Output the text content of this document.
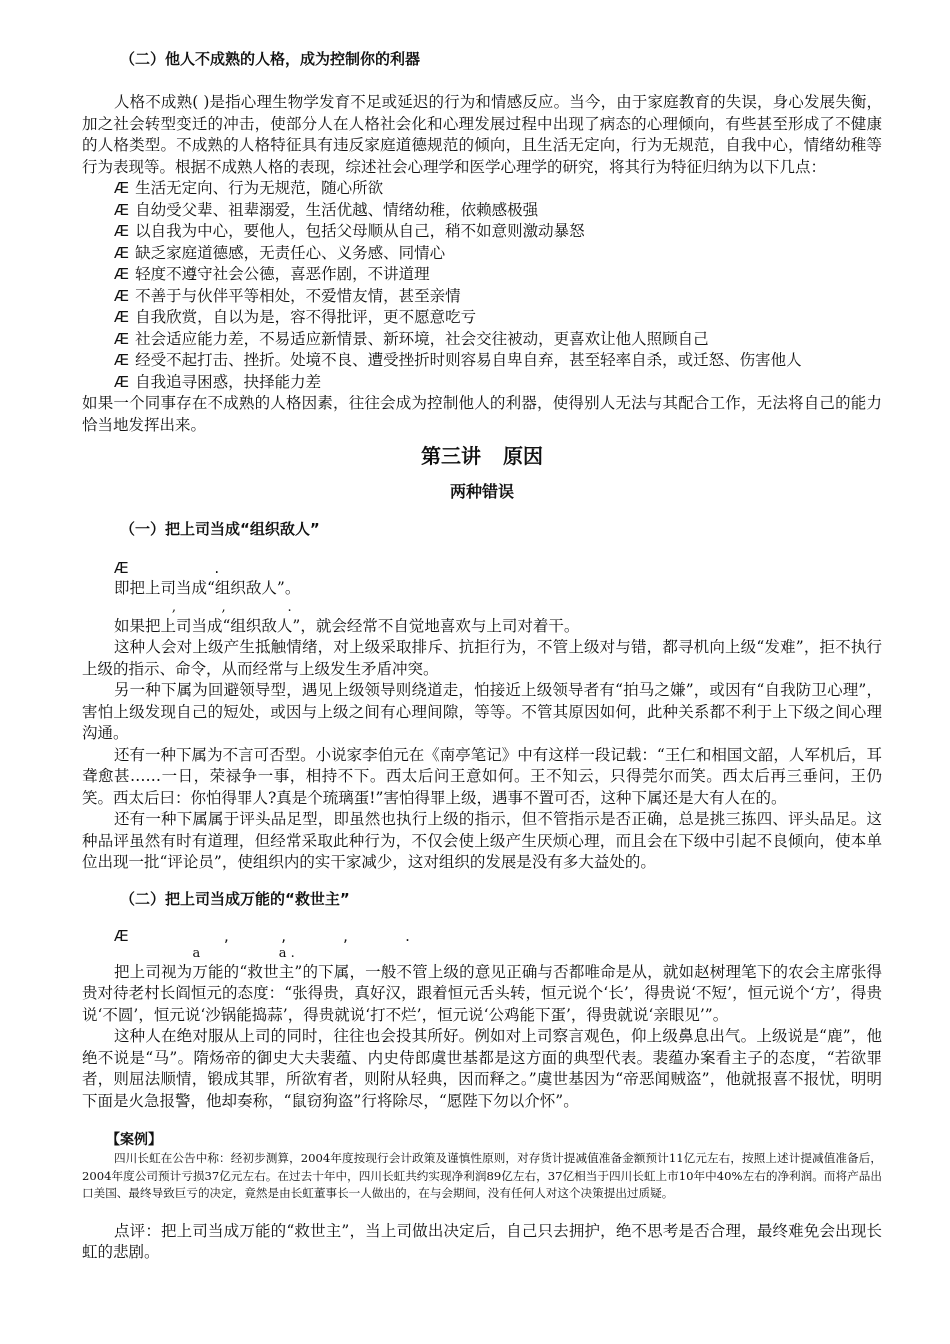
（二）他人不成熟的人格，成为控制你的利器

人格不成熟( )是指心理生物学发育不足或延迟的行为和情感反应。当今，由于家庭教育的失误，身心发展失衡，加之社会转型变迁的冲击，使部分人在人格社会化和心理发展过程中出现了病态的心理倾向，有些甚至形成了不健康的人格类型。不成熟的人格特征具有违反家庭道德规范的倾向，且生活无定向，行为无规范，自我中心，情绪幼稚等行为表现等。根据不成熟人格的表现，综述社会心理学和医学心理学的研究，将其行为特征归纳为以下几点：

Æ 生活无定向、行为无规范，随心所欲
Æ 自幼受父辈、祖辈溺爱，生活优越、情绪幼稚，依赖感极强
Æ 以自我为中心，要他人，包括父母顺从自己，稍不如意则激动暴怒
Æ 缺乏家庭道德感，无责任心、义务感、同情心
Æ 轻度不遵守社会公德，喜恶作剧，不讲道理
Æ 不善于与伙伴平等相处，不爱惜友情，甚至亲情
Æ 自我欣赏，自以为是，容不得批评，更不愿意吃亏
Æ 社会适应能力差，不易适应新情景、新环境，社会交往被动，更喜欢让他人照顾自己
Æ 经受不起打击、挫折。处境不良、遭受挫折时则容易自卑自弃，甚至轻率自杀，或迁怒、伤害他人
Æ 自我追寻困惑，抉择能力差

如果一个同事存在不成熟的人格因素，往往会成为控制他人的利器，使得别人无法与其配合工作，无法将自己的能力恰当地发挥出来。

第三讲 原因
两种错误
（一）把上司当成“组织敌人”
Æ                  .

即把上司当成“组织敌人”。

,           ,               .

如果把上司当成“组织敌人”，就会经常不自觉地喜欢与上司对着干。

这种人会对上级产生抵触情绪，对上级采取排斥、抗拒行为，不管上级对与错，都寻机向上级“发难”，拒不执行上级的指示、命令，从而经常与上级发生矛盾冲突。

另一种下属为回避领导型，遇见上级领导则绕道走，怕接近上级领导者有“拍马之嫌”，或因有“自我防卫心理”，害怕上级发现自己的短处，或因与上级之间有心理间隙，等等。不管其原因如何，此种关系都不利于上下级之间心理沟通。

还有一种下属为不言可否型。小说家李伯元在《南亭笔记》中有这样一段记载：“王仁和相国文韶，人军机后，耳聋愈甚……一日，荣禄争一事，相持不下。西太后问王意如何。王不知云，只得莞尔而笑。西太后再三垂问，王仍笑。西太后曰：你怕得罪人?真是个琉璃蛋!”害怕得罪上级，遇事不置可否，这种下属还是大有人在的。

还有一种下属属于评头品足型，即虽然也执行上级的指示，但不管指示是否正确，总是挑三拣四、评头品足。这种品评虽然有时有道理，但经常采取此种行为，不仅会使上级产生厌烦心理，而且会在下级中引起不良倾向，使本单位出现一批“评论员”，使组织内的实干家减少，这对组织的发展是没有多大益处的。

（二）把上司当成万能的“救世主”
Æ                    ,           ,            ,            .
a                   a .

把上司视为万能的“救世主”的下属，一般不管上级的意见正确与否都唯命是从，就如赵树理笔下的农会主席张得贵对待老村长阎恒元的态度：“张得贵，真好汉，跟着恒元舌头转，恒元说个‘长’，得贵说‘不短’，恒元说个‘方’，得贵说‘不圆’，恒元说‘沙锅能捣蒜’，得贵就说‘打不烂’，恒元说‘公鸡能下蛋’，得贵就说‘亲眼见’”。

这种人在绝对服从上司的同时，往往也会投其所好。例如对上司察言观色，仰上级鼻息出气。上级说是“鹿”，他绝不说是“马”。隋炀帝的御史大夫裴蕴、内史侍郎虞世基都是这方面的典型代表。裴蕴办案看主子的态度，“若欲罪者，则屈法顺情，锻成其罪，所欲宥者，则附从轻典，因而释之。”虞世基因为“帝恶闻贼盗”，他就报喜不报忧，明明下面是火急报警，他却奏称，“鼠窃狗盗”行将除尽，“愿陛下勿以介怀”。

【案例】

四川长虹在公告中称：经初步测算，2004年度按现行会计政策及谨慎性原则，对存货计提减值准备金额预计11亿元左右，按照上述计提减值准备后，2004年度公司预计亏损37亿元左右。在过去十年中，四川长虹共约实现净利润89亿左右，37亿相当于四川长虹上市10年中40%左右的净利润。而将产品出口美国、最终导致巨亏的决定，竟然是由长虹董事长一人做出的，在与会期间，没有任何人对这个决策提出过质疑。

点评：把上司当成万能的“救世主”，当上司做出决定后，自己只去拥护，绝不思考是否合理，最终难免会出现长虹的悲剧。
